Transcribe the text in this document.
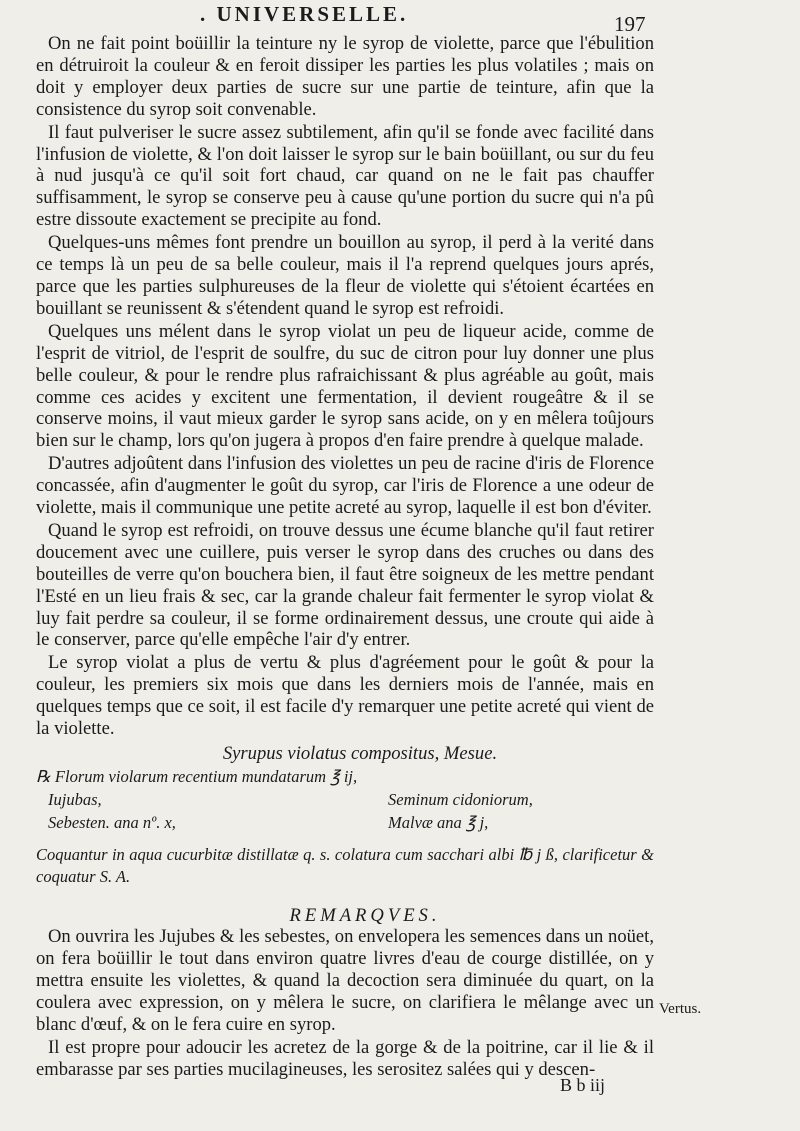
. UNIVERSELLE.	197

On ne fait point boüillir la teinture ny le syrop de violette, parce que l'ébulition en détruiroit la couleur & en feroit dissiper les parties les plus volatiles ; mais on doit y employer deux parties de sucre sur une partie de teinture, afin que la consistence du syrop soit convenable.

Il faut pulveriser le sucre assez subtilement, afin qu'il se fonde avec facilité dans l'infusion de violette, & l'on doit laisser le syrop sur le bain boüillant, ou sur du feu à nud jusqu'à ce qu'il soit fort chaud, car quand on ne le fait pas chauffer suffisamment, le syrop se conserve peu à cause qu'une portion du sucre qui n'a pû estre dissoute exactement se precipite au fond.

Quelques-uns mêmes font prendre un bouillon au syrop, il perd à la verité dans ce temps là un peu de sa belle couleur, mais il l'a reprend quelques jours aprés, parce que les parties sulphureuses de la fleur de violette qui s'étoient écartées en bouillant se reunissent & s'étendent quand le syrop est refroidi.

Quelques uns mélent dans le syrop violat un peu de liqueur acide, comme de l'esprit de vitriol, de l'esprit de soulfre, du suc de citron pour luy donner une plus belle couleur, & pour le rendre plus rafraichissant & plus agréable au goût, mais comme ces acides y excitent une fermentation, il devient rougeâtre & il se conserve moins, il vaut mieux garder le syrop sans acide, on y en mêlera toûjours bien sur le champ, lors qu'on jugera à propos d'en faire prendre à quelque malade.

D'autres adjoûtent dans l'infusion des violettes un peu de racine d'iris de Florence concassée, afin d'augmenter le goût du syrop, car l'iris de Florence a une odeur de violette, mais il communique une petite acreté au syrop, laquelle il est bon d'éviter.

Quand le syrop est refroidi, on trouve dessus une écume blanche qu'il faut retirer doucement avec une cuillere, puis verser le syrop dans des cruches ou dans des bouteilles de verre qu'on bouchera bien, il faut être soigneux de les mettre pendant l'Esté en un lieu frais & sec, car la grande chaleur fait fermenter le syrop violat & luy fait perdre sa couleur, il se forme ordinairement dessus, une croute qui aide à le conserver, parce qu'elle empêche l'air d'y entrer.

Le syrop violat a plus de vertu & plus d'agréement pour le goût & pour la couleur, les premiers six mois que dans les derniers mois de l'année, mais en quelques temps que ce soit, il est facile d'y remarquer une petite acreté qui vient de la violette.

Syrupus violatus compositus, Mesue.
℞ Florum violarum recentium mundatarum ℥ ij,
Iujubas,	Seminum cidoniorum,
Sebesten. ana nº. x,	Malvæ ana ℥ j,

Coquantur in aqua cucurbitæ distillatæ q. s. colatura cum sacchari albi ℔ j ß, clarificetur & coquatur S. A.

REMARQVES.

On ouvrira les Jujubes & les sebestes, on envelopera les semences dans un noüet, on fera boüillir le tout dans environ quatre livres d'eau de courge distillée, on y mettra ensuite les violettes, & quand la decoction sera diminuée du quart, on la coulera avec expression, on y mêlera le sucre, on clarifiera le mêlange avec un blanc d'œuf, & on le fera cuire en syrop.

Il est propre pour adoucir les acretez de la gorge & de la poitrine, car il lie & il embarasse par ses parties mucilagineuses, les serositez salées qui y descen-

Vertus.
B b iij
